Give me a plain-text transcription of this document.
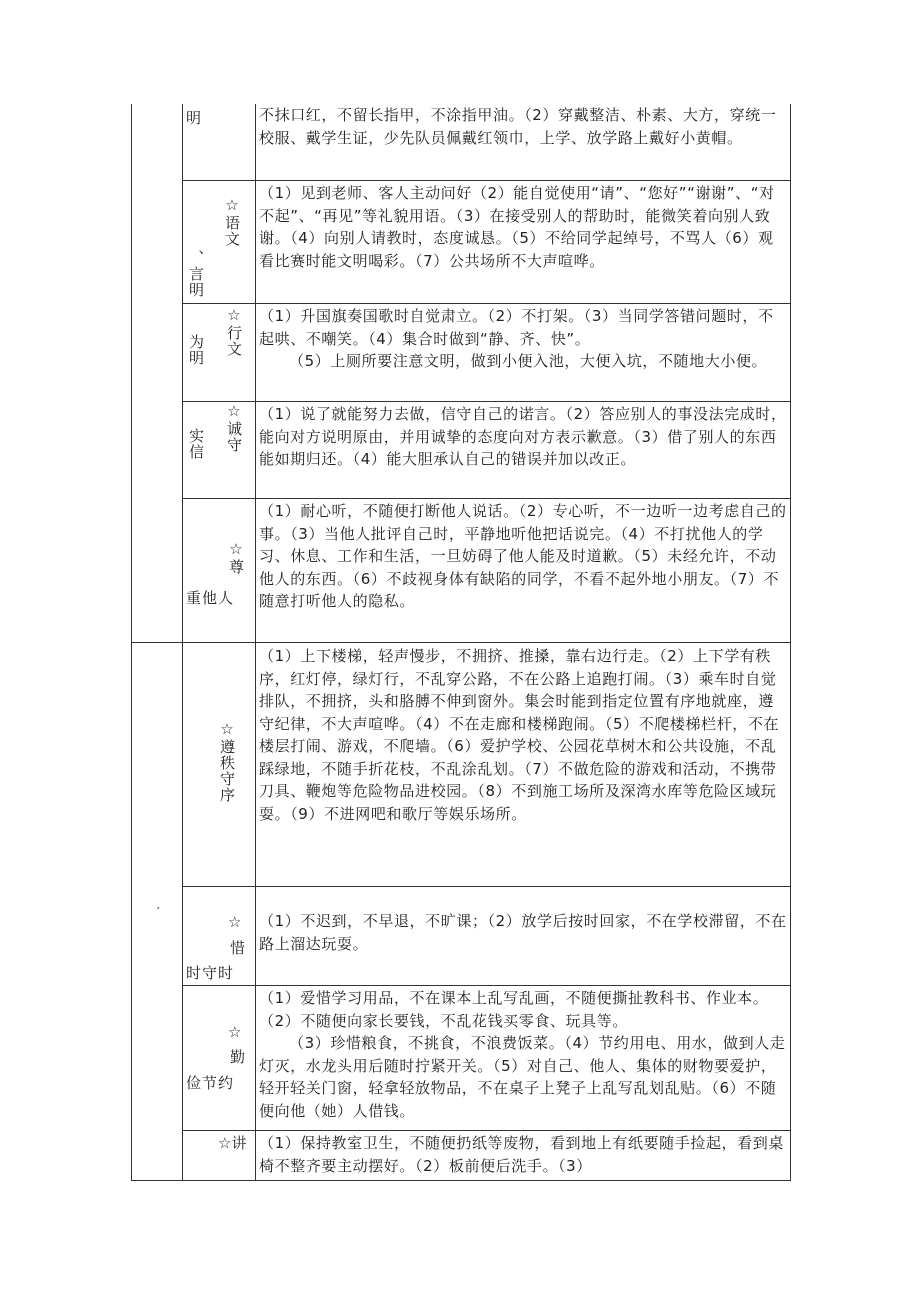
′
明	不抹口红，不留长指甲，不涂指甲油。（2）穿戴整洁、朴素、大方，穿统一校服、戴学生证，少先队员佩戴红领巾，上学、放学路上戴好小黄帽。
☆语文
、言明
（1）见到老师、客人主动问好（2）能自觉使用“请”、“您好”“谢谢”、“对不起”、“再见”等礼貌用语。（3）在接受别人的帮助时，能微笑着向别人致谢。（4）向别人请教时，态度诚恳。（5）不给同学起绰号，不骂人（6）观看比赛时能文明喝彩。（7）公共场所不大声喧哗。
☆行文
为明
（1）升国旗奏国歌时自觉肃立。（2）不打架。（3）当同学答错问题时，不起哄、不嘲笑。（4）集合时做到“静、齐、快”。
（5）上厕所要注意文明，做到小便入池，大便入坑，不随地大小便。
☆诚守
实信
（1）说了就能努力去做，信守自己的诺言。（2）答应别人的事没法完成时，能向对方说明原由，并用诚挚的态度向对方表示歉意。（3）借了别人的东西能如期归还。（4）能大胆承认自己的错误并加以改正。
☆尊
重他人
（1）耐心听，不随便打断他人说话。（2）专心听，不一边听一边考虑自己的事。（3）当他人批评自己时，平静地听他把话说完。（4）不打扰他人的学习、休息、工作和生活，一旦妨碍了他人能及时道歉。（5）未经允许，不动他人的东西。（6）不歧视身体有缺陷的同学，不看不起外地小朋友。（7）不随意打听他人的隐私。
☆遵秩守序
（1）上下楼梯，轻声慢步，不拥挤、推搡，靠右边行走。（2）上下学有秩序，红灯停，绿灯行，不乱穿公路，不在公路上追跑打闹。（3）乘车时自觉排队，不拥挤，头和胳膊不伸到窗外。集会时能到指定位置有序地就座，遵守纪律，不大声喧哗。（4）不在走廊和楼梯跑闹。（5）不爬楼梯栏杆，不在楼层打闹、游戏，不爬墙。（6）爱护学校、公园花草树木和公共设施，不乱踩绿地，不随手折花枝，不乱涂乱划。（7）不做危险的游戏和活动，不携带刀具、鞭炮等危险物品进校园。（8）不到施工场所及深湾水库等危险区域玩耍。（9）不进网吧和歌厅等娱乐场所。
☆
惜
时守时
（1）不迟到，不早退，不旷课；（2）放学后按时回家，不在学校滞留，不在路上溜达玩耍。
☆
勤
俭节约
（1）爱惜学习用品，不在课本上乱写乱画，不随便撕扯教科书、作业本。（2）不随便向家长要钱，不乱花钱买零食、玩具等。
（3）珍惜粮食，不挑食，不浪费饭菜。（4）节约用电、用水，做到人走灯灭，水龙头用后随时拧紧开关。（5）对自己、他人、集体的财物要爱护，轻开轻关门窗，轻拿轻放物品，不在桌子上凳子上乱写乱划乱贴。（6）不随便向他（她）人借钱。
☆讲 （1）保持教室卫生，不随便扔纸等废物，看到地上有纸要随手捡起，看到桌椅不整齐要主动摆好。（2）板前便后洗手。（3）
